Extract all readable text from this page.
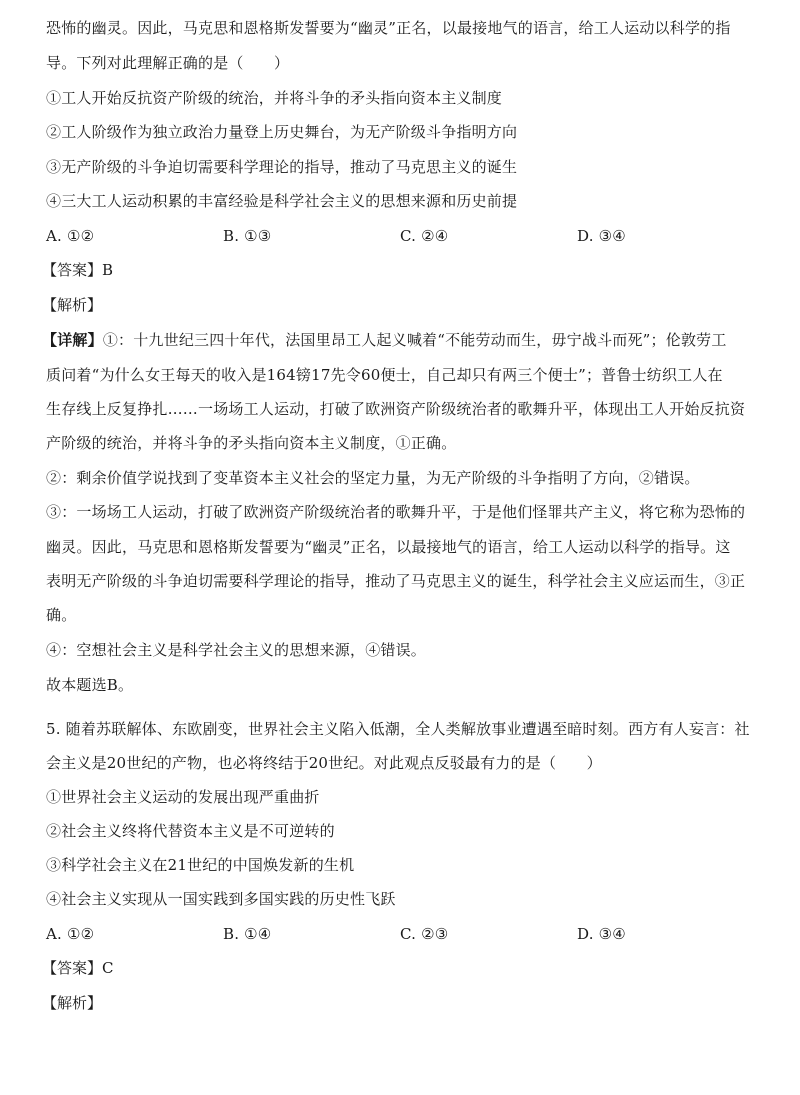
恐怖的幽灵。因此，马克思和恩格斯发誓要为“幽灵”正名，以最接地气的语言，给工人运动以科学的指
导。下列对此理解正确的是（　　）
①工人开始反抗资产阶级的统治，并将斗争的矛头指向资本主义制度
②工人阶级作为独立政治力量登上历史舞台，为无产阶级斗争指明方向
③无产阶级的斗争迫切需要科学理论的指导，推动了马克思主义的诞生
④三大工人运动积累的丰富经验是科学社会主义的思想来源和历史前提
A. ①②	B. ①③	C. ②④	D. ③④
【答案】B
【解析】
【详解】①：十九世纪三四十年代，法国里昂工人起义喊着“不能劳动而生，毋宁战斗而死”；伦敦劳工
质问着“为什么女王每天的收入是164镑17先令60便士，自己却只有两三个便士”；普鲁士纺织工人在
生存线上反复挣扎……一场场工人运动，打破了欧洲资产阶级统治者的歌舞升平，体现出工人开始反抗资
产阶级的统治，并将斗争的矛头指向资本主义制度，①正确。
②：剩余价值学说找到了变革资本主义社会的坚定力量，为无产阶级的斗争指明了方向，②错误。
③：一场场工人运动，打破了欧洲资产阶级统治者的歌舞升平，于是他们怪罪共产主义，将它称为恐怖的
幽灵。因此，马克思和恩格斯发誓要为“幽灵”正名，以最接地气的语言，给工人运动以科学的指导。这
表明无产阶级的斗争迫切需要科学理论的指导，推动了马克思主义的诞生，科学社会主义应运而生，③正
确。
④：空想社会主义是科学社会主义的思想来源，④错误。
故本题选B。
5. 随着苏联解体、东欧剧变，世界社会主义陷入低潮，全人类解放事业遭遇至暗时刻。西方有人妄言：社
会主义是20世纪的产物，也必将终结于20世纪。对此观点反驳最有力的是（　　）
①世界社会主义运动的发展出现严重曲折
②社会主义终将代替资本主义是不可逆转的
③科学社会主义在21世纪的中国焕发新的生机
④社会主义实现从一国实践到多国实践的历史性飞跃
A. ①②	B. ①④	C. ②③	D. ③④
【答案】C
【解析】
